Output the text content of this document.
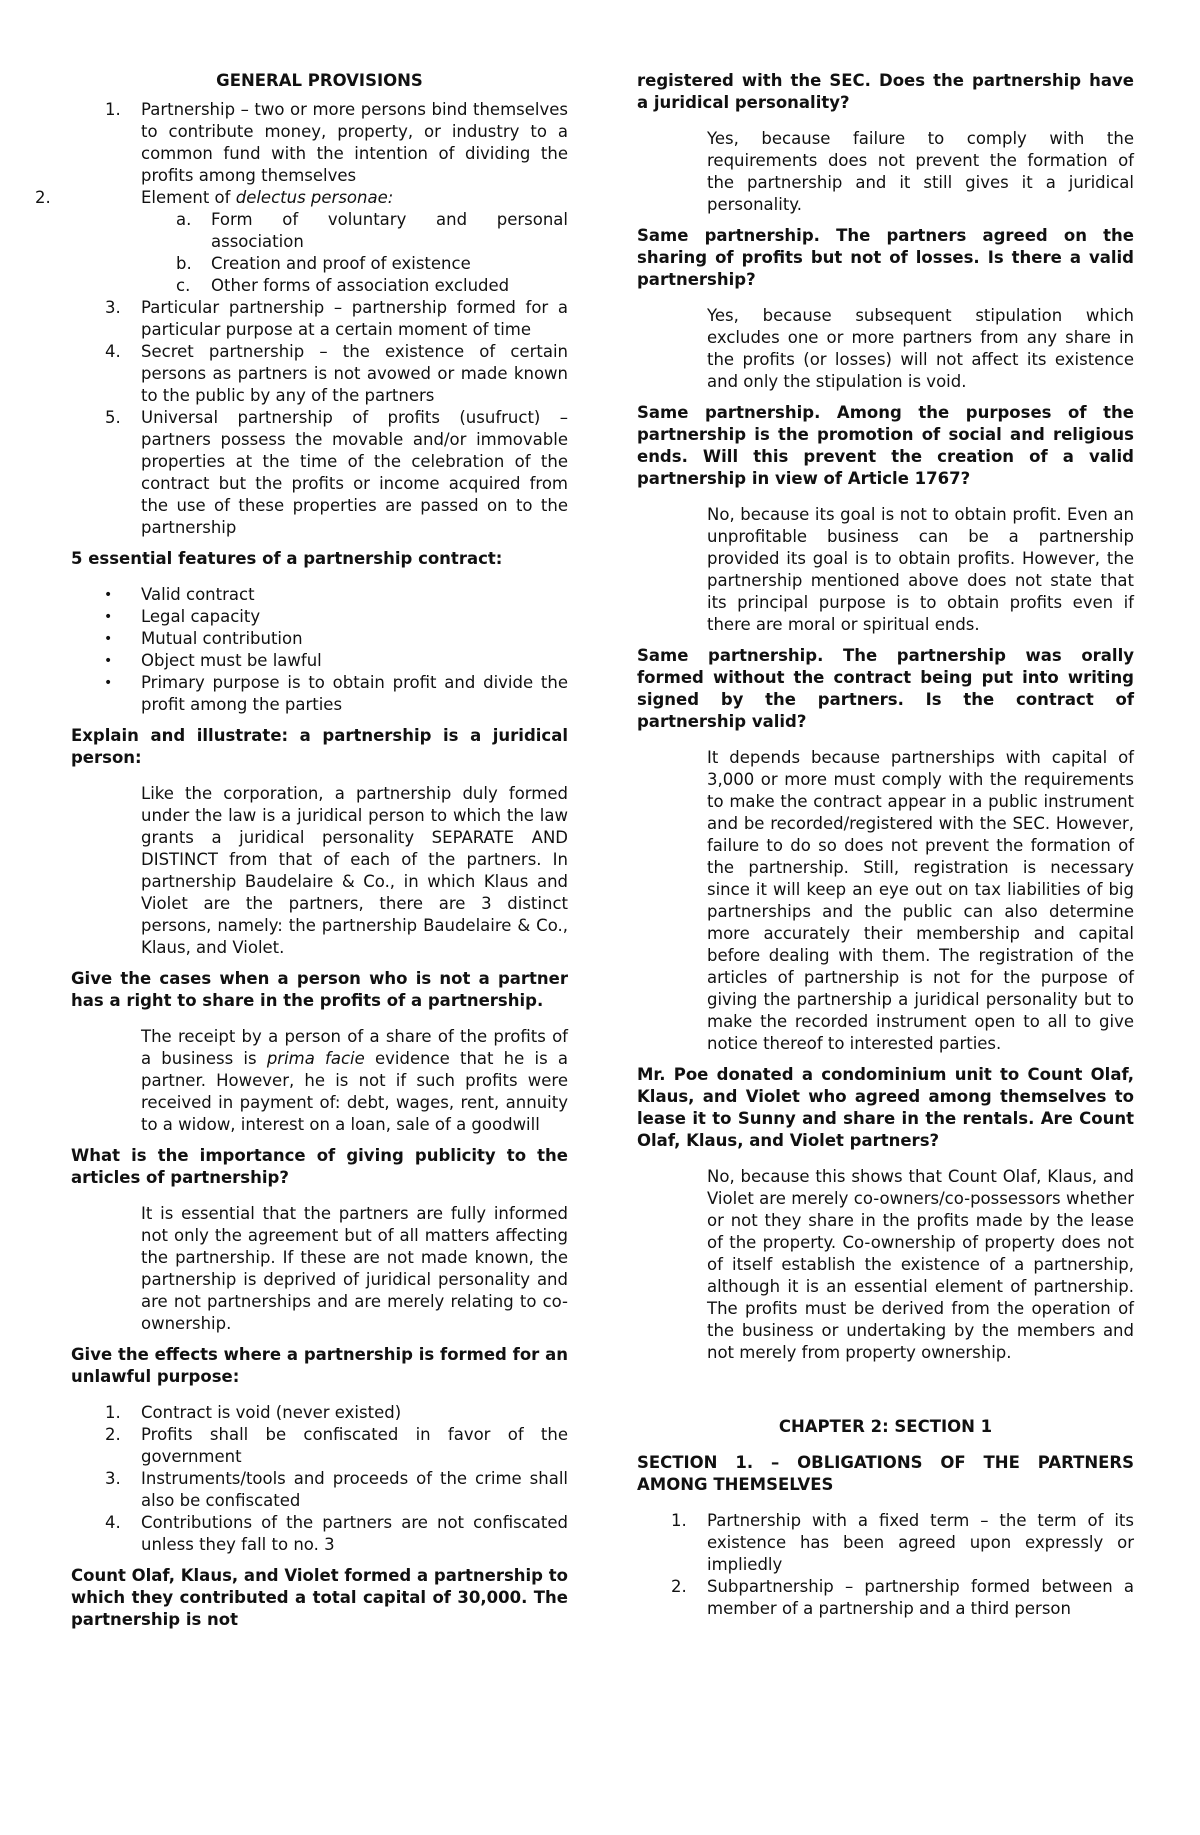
GENERAL PROVISIONS
1. Partnership – two or more persons bind themselves to contribute money, property, or industry to a common fund with the intention of dividing the profits among themselves
2.	Element of delectus personae:
a. Form of voluntary and personal association
b. Creation and proof of existence
c. Other forms of association excluded
3. Particular partnership – partnership formed for a particular purpose at a certain moment of time
4. Secret partnership – the existence of certain persons as partners is not avowed or made known to the public by any of the partners
5. Universal partnership of profits (usufruct) – partners possess the movable and/or immovable properties at the time of the celebration of the contract but the profits or income acquired from the use of these properties are passed on to the partnership
5 essential features of a partnership contract:
• Valid contract
• Legal capacity
• Mutual contribution
• Object must be lawful
• Primary purpose is to obtain profit and divide the profit among the parties
Explain and illustrate: a partnership is a juridical person:

Like the corporation, a partnership duly formed under the law is a juridical person to which the law grants a juridical personality SEPARATE AND DISTINCT from that of each of the partners. In partnership Baudelaire & Co., in which Klaus and Violet are the partners, there are 3 distinct persons, namely: the partnership Baudelaire & Co., Klaus, and Violet.

Give the cases when a person who is not a partner has a right to share in the profits of a partnership.

The receipt by a person of a share of the profits of a business is prima facie evidence that he is a partner. However, he is not if such profits were received in payment of: debt, wages, rent, annuity to a widow, interest on a loan, sale of a goodwill

What is the importance of giving publicity to the articles of partnership?

It is essential that the partners are fully informed not only the agreement but of all matters affecting the partnership. If these are not made known, the partnership is deprived of juridical personality and are not partnerships and are merely relating to co-ownership.

Give the effects where a partnership is formed for an unlawful purpose:
1. Contract is void (never existed)
2. Profits shall be confiscated in favor of the government
3. Instruments/tools and proceeds of the crime shall also be confiscated
4. Contributions of the partners are not confiscated unless they fall to no. 3
Count Olaf, Klaus, and Violet formed a partnership to which they contributed a total capital of 30,000. The partnership is not
registered with the SEC. Does the partnership have a juridical personality?

Yes, because failure to comply with the requirements does not prevent the formation of the partnership and it still gives it a juridical personality.

Same partnership. The partners agreed on the sharing of profits but not of losses. Is there a valid partnership?

Yes, because subsequent stipulation which excludes one or more partners from any share in the profits (or losses) will not affect its existence and only the stipulation is void.

Same partnership. Among the purposes of the partnership is the promotion of social and religious ends. Will this prevent the creation of a valid partnership in view of Article 1767?

No, because its goal is not to obtain profit. Even an unprofitable business can be a partnership provided its goal is to obtain profits. However, the partnership mentioned above does not state that its principal purpose is to obtain profits even if there are moral or spiritual ends.

Same partnership. The partnership was orally formed without the contract being put into writing signed by the partners. Is the contract of partnership valid?

It depends because partnerships with capital of 3,000 or more must comply with the requirements to make the contract appear in a public instrument and be recorded/registered with the SEC. However, failure to do so does not prevent the formation of the partnership. Still, registration is necessary since it will keep an eye out on tax liabilities of big partnerships and the public can also determine more accurately their membership and capital before dealing with them. The registration of the articles of partnership is not for the purpose of giving the partnership a juridical personality but to make the recorded instrument open to all to give notice thereof to interested parties.

Mr. Poe donated a condominium unit to Count Olaf, Klaus, and Violet who agreed among themselves to lease it to Sunny and share in the rentals. Are Count Olaf, Klaus, and Violet partners?

No, because this shows that Count Olaf, Klaus, and Violet are merely co-owners/co-possessors whether or not they share in the profits made by the lease of the property. Co-ownership of property does not of itself establish the existence of a partnership, although it is an essential element of partnership. The profits must be derived from the operation of the business or undertaking by the members and not merely from property ownership.

CHAPTER 2: SECTION 1
SECTION 1. – OBLIGATIONS OF THE PARTNERS AMONG THEMSELVES
1. Partnership with a fixed term – the term of its existence has been agreed upon expressly or impliedly
2. Subpartnership – partnership formed between a member of a partnership and a third person
